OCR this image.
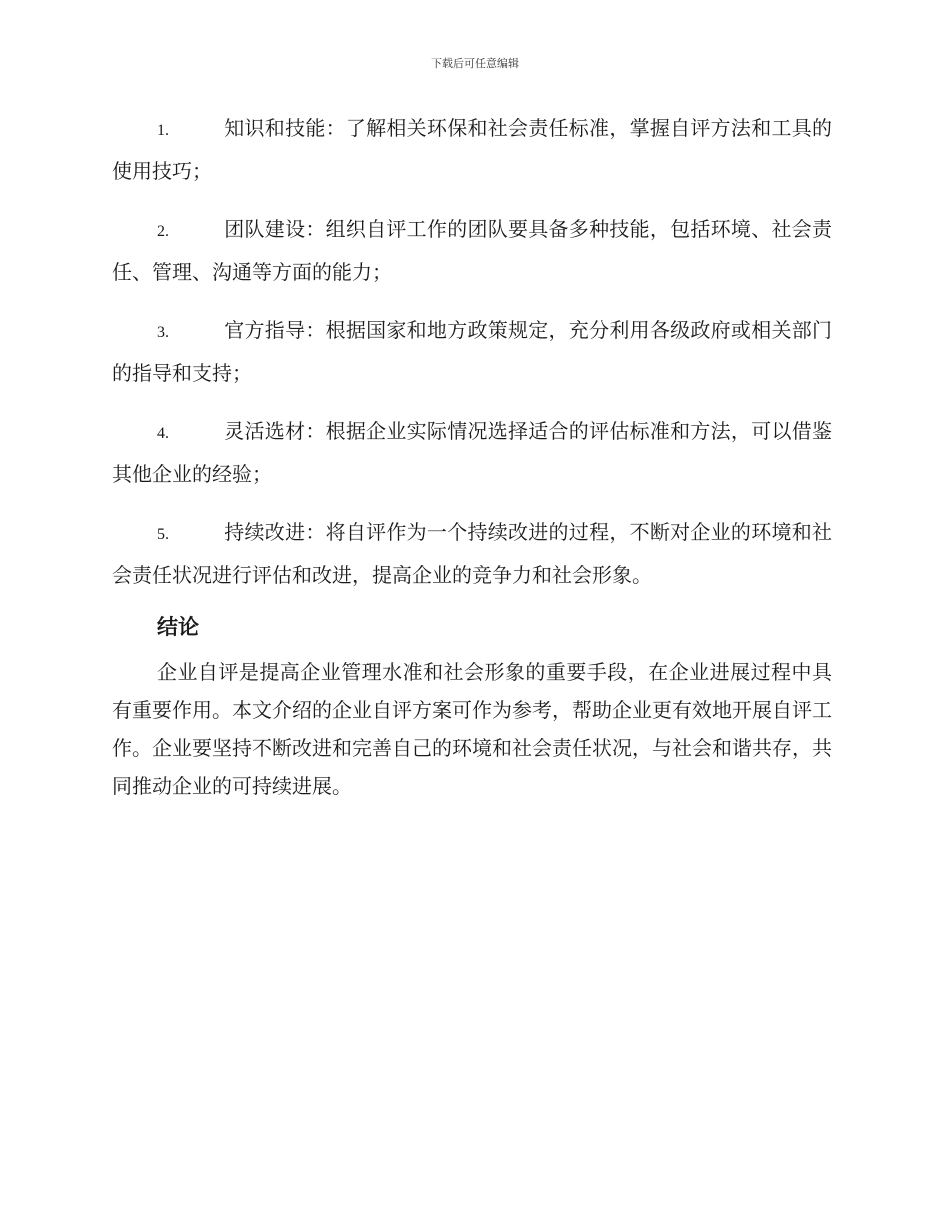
下载后可任意编辑

1.	知识和技能：了解相关环保和社会责任标准，掌握自评方法和工具的使用技巧；

2.	团队建设：组织自评工作的团队要具备多种技能，包括环境、社会责任、管理、沟通等方面的能力；

3.	官方指导：根据国家和地方政策规定，充分利用各级政府或相关部门的指导和支持；

4.	灵活选材：根据企业实际情况选择适合的评估标准和方法，可以借鉴其他企业的经验；

5.	持续改进：将自评作为一个持续改进的过程，不断对企业的环境和社会责任状况进行评估和改进，提高企业的竞争力和社会形象。

结论

企业自评是提高企业管理水准和社会形象的重要手段，在企业进展过程中具有重要作用。本文介绍的企业自评方案可作为参考，帮助企业更有效地开展自评工作。企业要坚持不断改进和完善自己的环境和社会责任状况，与社会和谐共存，共同推动企业的可持续进展。
